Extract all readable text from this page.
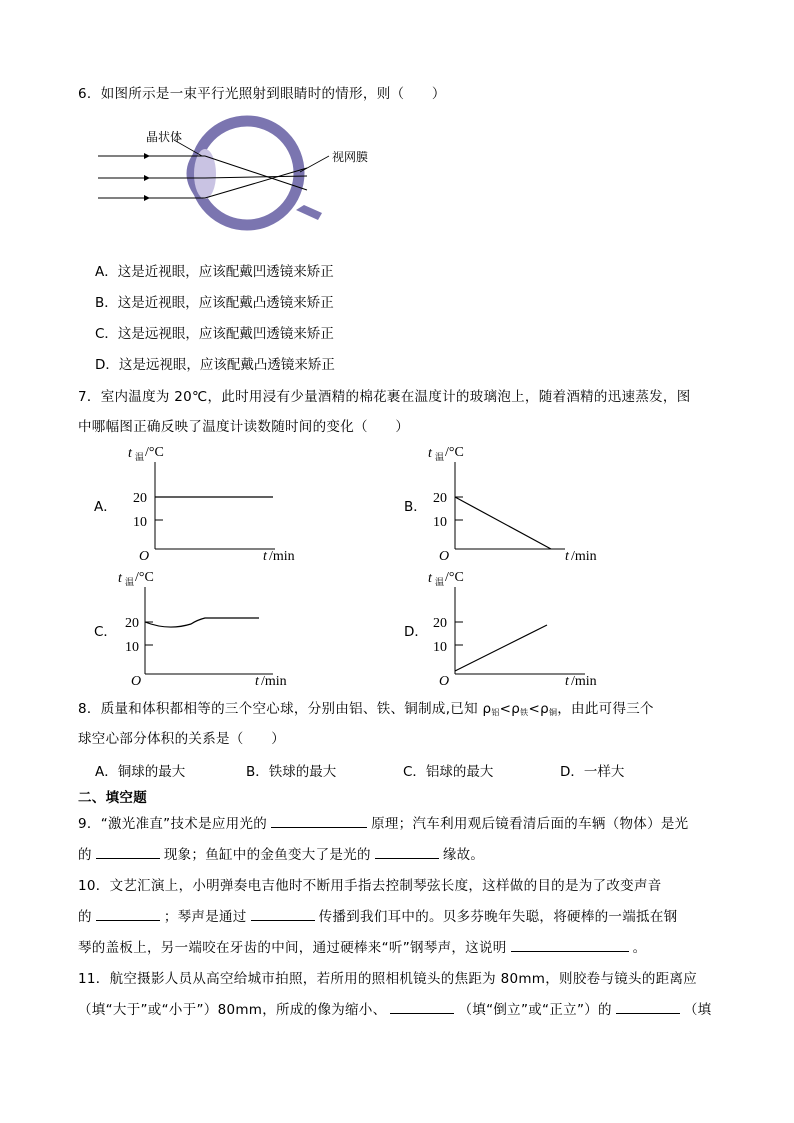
6．如图所示是一束平行光照射到眼睛时的情形，则（　　）
晶状体
视网膜
A．这是近视眼，应该配戴凹透镜来矫正
B．这是近视眼，应该配戴凸透镜来矫正
C．这是远视眼，应该配戴凹透镜来矫正
D．这是远视眼，应该配戴凸透镜来矫正
7．室内温度为 20℃，此时用浸有少量酒精的棉花裹在温度计的玻璃泡上，随着酒精的迅速蒸发，图
中哪幅图正确反映了温度计读数随时间的变化（　　）
A．
t 温 /°C
20
10
O	t /min
B．
t 温 /°C
20
10
O	t /min
C．
t 温 /°C
20
10
O	t /min
D．
t 温 /°C
20
10
O	t /min
8．质量和体积都相等的三个空心球，分别由铝、铁、铜制成,已知 $\rho_铝<\rho_铁<\rho_铜$，由此可得三个
球空心部分体积的关系是（　　）
A．铜球的最大	B．铁球的最大	C．铝球的最大	D．一样大
二、填空题
9．“激光准直”技术是应用光的	原理；汽车利用观后镜看清后面的车辆（物体）是光
的	现象；鱼缸中的金鱼变大了是光的	缘故。
10．文艺汇演上，小明弹奏电吉他时不断用手指去控制琴弦长度，这样做的目的是为了改变声音
的	；琴声是通过	传播到我们耳中的。贝多芬晚年失聪，将硬棒的一端抵在钢
琴的盖板上，另一端咬在牙齿的中间，通过硬棒来“听”钢琴声，这说明	。
11．航空摄影人员从高空给城市拍照，若所用的照相机镜头的焦距为 80mm，则胶卷与镜头的距离应
（填“大于”或“小于”）80mm，所成的像为缩小、	（填“倒立”或“正立”）的	（填
